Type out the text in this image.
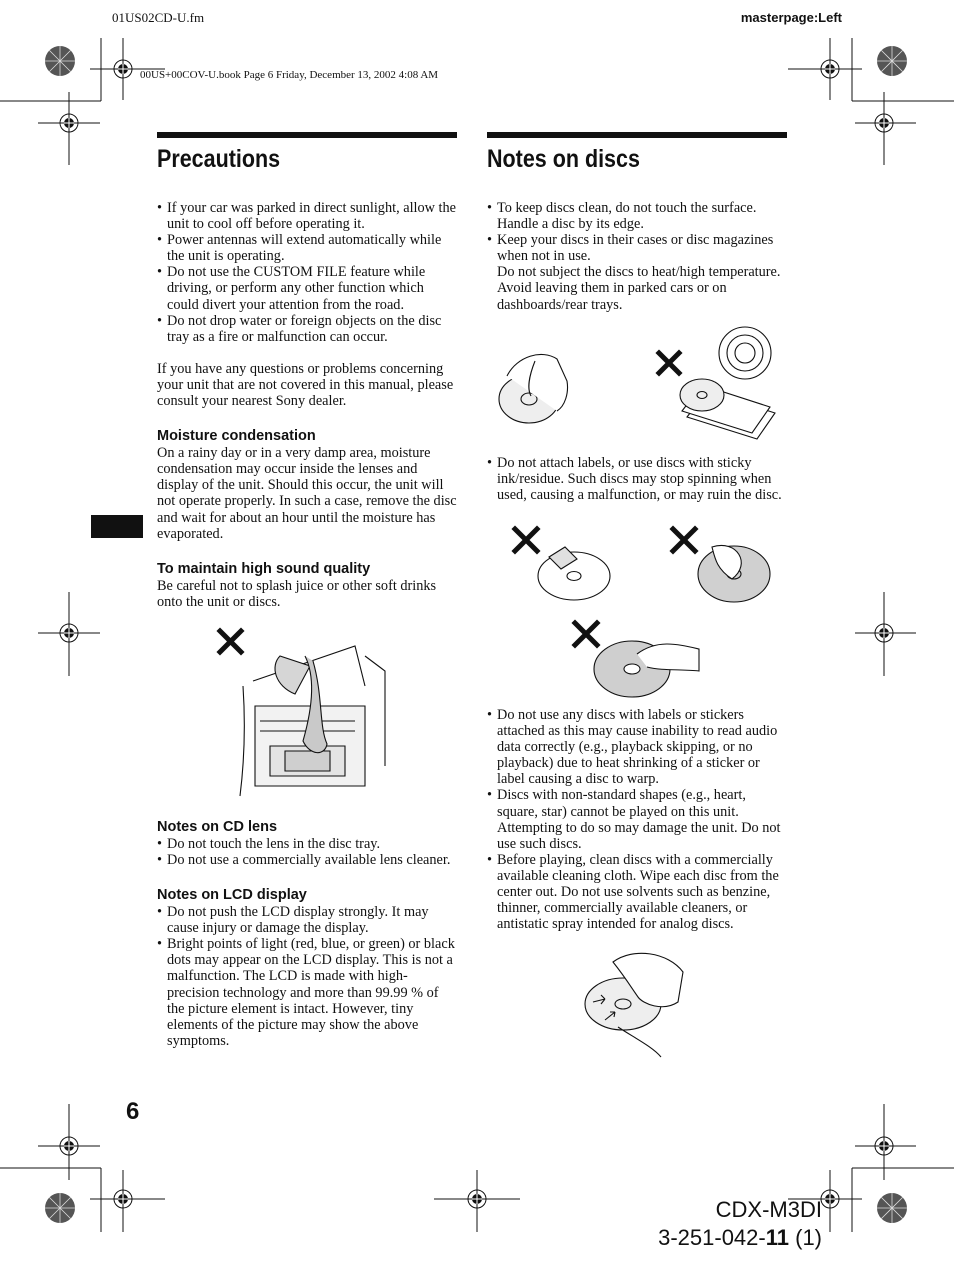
01US02CD-U.fm	masterpage:Left
00US+00COV-U.book Page 6 Friday, December 13, 2002 4:08 AM
Precautions
• If your car was parked in direct sunlight, allow the unit to cool off before operating it.
• Power antennas will extend automatically while the unit is operating.
• Do not use the CUSTOM FILE feature while driving, or perform any other function which could divert your attention from the road.
• Do not drop water or foreign objects on the disc tray as a fire or malfunction can occur.

If you have any questions or problems concerning your unit that are not covered in this manual, please consult your nearest Sony dealer.

Moisture condensation

On a rainy day or in a very damp area, moisture condensation may occur inside the lenses and display of the unit. Should this occur, the unit will not operate properly. In such a case, remove the disc and wait for about an hour until the moisture has evaporated.

To maintain high sound quality

Be careful not to splash juice or other soft drinks onto the unit or discs.

Notes on CD lens
• Do not touch the lens in the disc tray.
• Do not use a commercially available lens cleaner.
Notes on LCD display
• Do not push the LCD display strongly. It may cause injury or damage the display.
• Bright points of light (red, blue, or green) or black dots may appear on the LCD display. This is not a malfunction. The LCD is made with high-precision technology and more than 99.99 % of the picture element is intact. However, tiny elements of the picture may show the above symptoms.
Notes on discs
• To keep discs clean, do not touch the surface. Handle a disc by its edge.
• Keep your discs in their cases or disc magazines when not in use.
Do not subject the discs to heat/high temperature. Avoid leaving them in parked cars or on dashboards/rear trays.
• Do not attach labels, or use discs with sticky ink/residue. Such discs may stop spinning when used, causing a malfunction, or may ruin the disc.
• Do not use any discs with labels or stickers attached as this may cause inability to read audio data correctly (e.g., playback skipping, or no playback) due to heat shrinking of a sticker or label causing a disc to warp.
• Discs with non-standard shapes (e.g., heart, square, star) cannot be played on this unit. Attempting to do so may damage the unit. Do not use such discs.
• Before playing, clean discs with a commercially available cleaning cloth. Wipe each disc from the center out. Do not use solvents such as benzine, thinner, commercially available cleaners, or antistatic spray intended for analog discs.
6
CDX-M3DI
3-251-042-11 (1)
